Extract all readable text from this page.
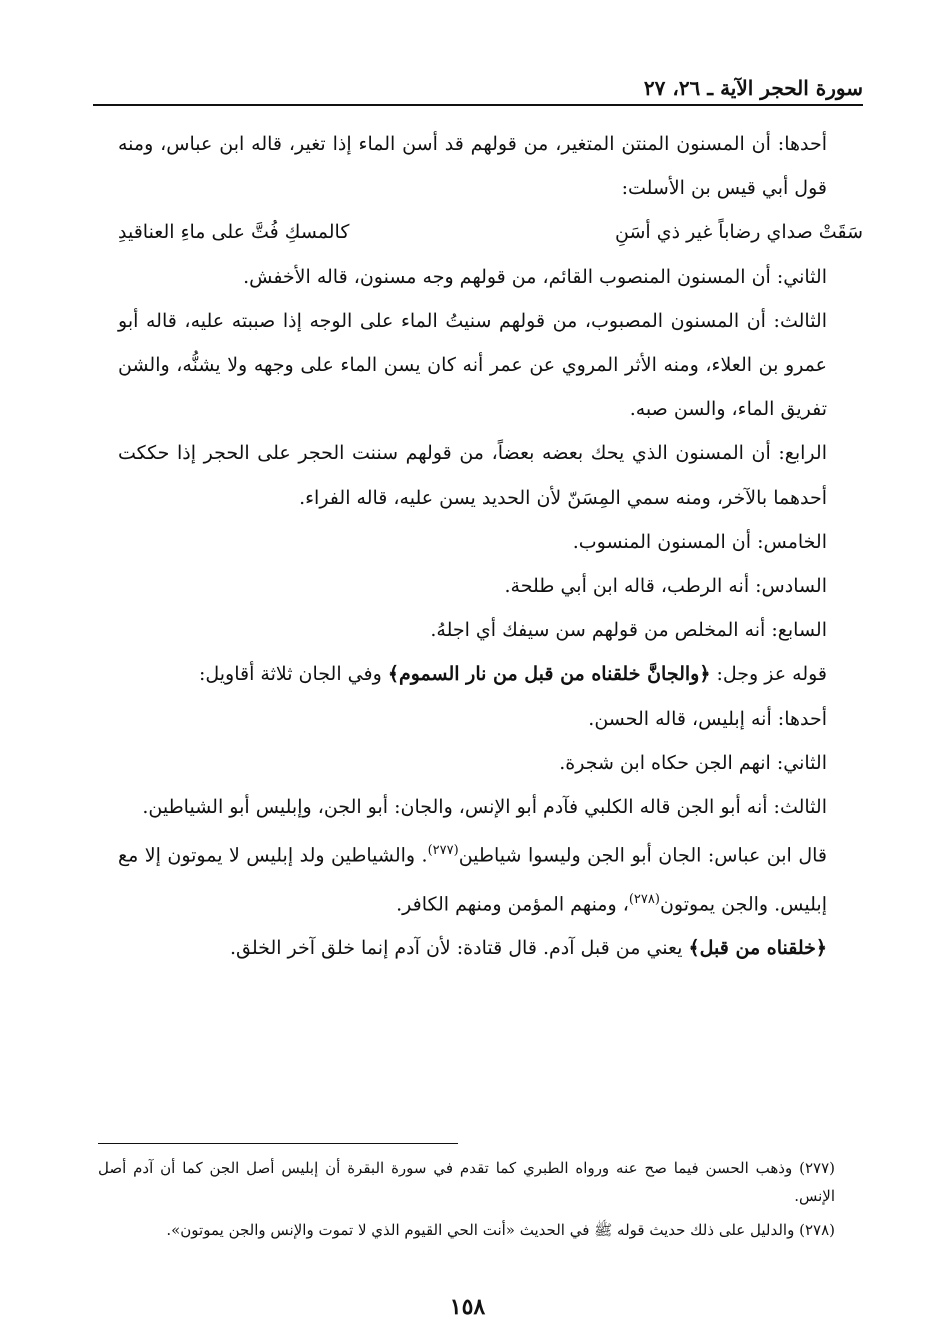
سورة الحجر الآية ـ ٢٦، ٢٧

أحدها: أن المسنون المنتن المتغير، من قولهم قد أسن الماء إذا تغير، قاله ابن عباس، ومنه قول أبي قيس بن الأسلت:

سَقَتْ صداي رضاباً غير ذي أسَنِ
كالمسكِ فُتَّ على ماءِ العناقيدِ

الثاني: أن المسنون المنصوب القائم، من قولهم وجه مسنون، قاله الأخفش.

الثالث: أن المسنون المصبوب، من قولهم سنيتُ الماء على الوجه إذا صببته عليه، قاله أبو عمرو بن العلاء، ومنه الأثر المروي عن عمر أنه كان يسن الماء على وجهه ولا يشنُّه، والشن تفريق الماء، والسن صبه.

الرابع: أن المسنون الذي يحك بعضه بعضاً، من قولهم سننت الحجر على الحجر إذا حككت أحدهما بالآخر، ومنه سمي المِسَنّ لأن الحديد يسن عليه، قاله الفراء.

الخامس: أن المسنون المنسوب.

السادس: أنه الرطب، قاله ابن أبي طلحة.

السابع: أنه المخلص من قولهم سن سيفك أي اجلهُ.

قوله عز وجل: ﴿والجانَّ خلقناه من قبل من نار السموم﴾ وفي الجان ثلاثة أقاويل:

أحدها: أنه إبليس، قاله الحسن.

الثاني: انهم الجن حكاه ابن شجرة.

الثالث: أنه أبو الجن قاله الكلبي فآدم أبو الإنس، والجان: أبو الجن، وإبليس أبو الشياطين.

قال ابن عباس: الجان أبو الجن وليسوا شياطين$^{(٢٧٧)}$. والشياطين ولد إبليس لا يموتون إلا مع إبليس. والجن يموتون$^{(٢٧٨)}$، ومنهم المؤمن ومنهم الكافر.

﴿خلقناه من قبل﴾ يعني من قبل آدم. قال قتادة: لأن آدم إنما خلق آخر الخلق.

(٢٧٧) وذهب الحسن فيما صح عنه ورواه الطبري كما تقدم في سورة البقرة أن إبليس أصل الجن كما أن آدم أصل الإنس.

(٢٧٨) والدليل على ذلك حديث قوله ﷺ في الحديث «أنت الحي القيوم الذي لا تموت والإنس والجن يموتون».

١٥٨
